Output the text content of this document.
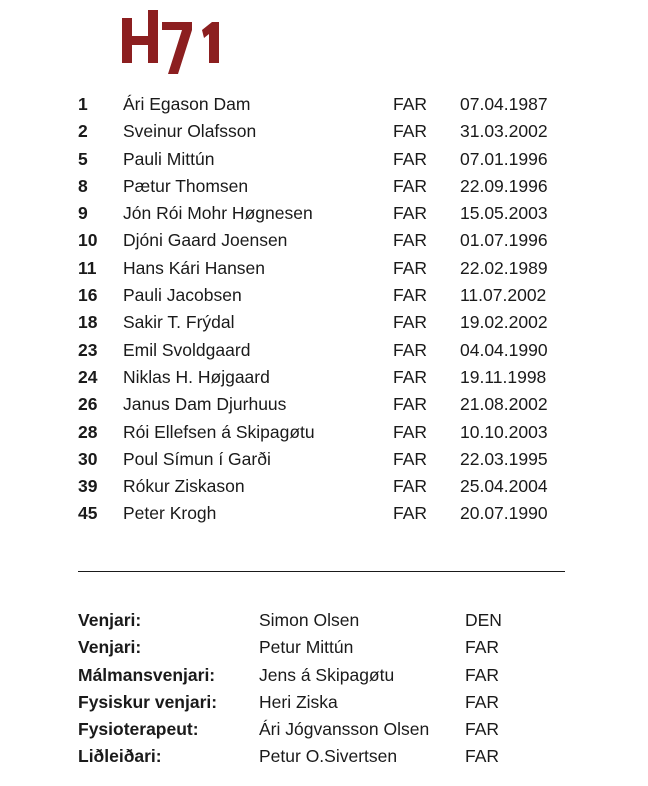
1 Ári Egason Dam	FAR 07.04.1987
2 Sveinur Olafsson	FAR 31.03.2002
5 Pauli Mittún	FAR 07.01.1996
8 Pætur Thomsen	FAR 22.09.1996
9 Jón Rói Mohr Høgnesen	FAR 15.05.2003
10 Djóni Gaard Joensen	FAR 01.07.1996
11 Hans Kári Hansen	FAR 22.02.1989
16 Pauli Jacobsen	FAR 11.07.2002
18 Sakir T. Frýdal	FAR 19.02.2002
23 Emil Svoldgaard	FAR 04.04.1990
24 Niklas H. Højgaard	FAR 19.11.1998
26 Janus Dam Djurhuus	FAR 21.08.2002
28 Rói Ellefsen á Skipagøtu	FAR 10.10.2003
30 Poul Símun í Garði	FAR 22.03.1995
39 Rókur Ziskason	FAR 25.04.2004
45 Peter Krogh	FAR 20.07.1990
Venjari:	Simon Olsen	DEN
Venjari:	Petur Mittún	FAR
Málmansvenjari:	Jens á Skipagøtu	FAR
Fysiskur venjari: Heri Ziska	FAR
Fysioterapeut:	Ári Jógvansson Olsen FAR
Liðleiðari:	Petur O.Sivertsen	FAR
